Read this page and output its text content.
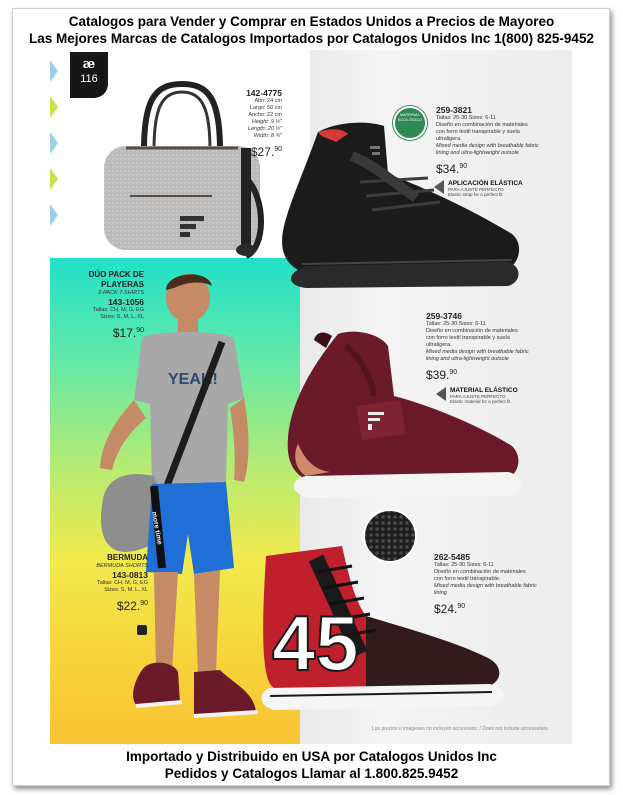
Catalogos para Vender y Comprar en Estados Unidos a Precios de Mayoreo
Las Mejores Marcas de Catalogos Importados por Catalogos Unidos Inc 1(800) 825-9452
æ
116
142-4775
Alto: 24 cm
Largo: 50 cm
Ancho: 22 cm
Height: 9 ½"
Length: 20 ½"
Width: 8 ¾"
$27.90
MATERIAL ECOLÓGICO
259-3821
Tallas: 25-30 Sizes: 6-11
Diseño en combinación de materiales
con forro textil transpirable y suela
ultraligera.
Mixed media design with breathable fabric
lining and ultra-lightweight outsole
$34.90
APLICACIÓN ELÁSTICA
PARA AJUSTE PERFECTO
Elastic strap for a perfect fit
YEAH!
more time
DÚO PACK DE
PLAYERAS
2-PACK T-SHIRTS
143-1056
Tallas: CH, M, G, EG
Sizes: S, M, L, XL
$17.90
259-3746
Tallas: 25-30 Sizes: 6-11
Diseño en combinación de materiales
con forro textil transpirable y suela
ultraligera.
Mixed media design with breathable fabric
lining and ultra-lightweight outsole
$39.90
MATERIAL ELÁSTICO
PARA AJUSTE PERFECTO
Elastic material for a perfect fit
BERMUDA
BERMUDA SHORTS
143-0813
Tallas: CH, M, G, EG
Sizes: S, M, L, XL
$22.90 45
262-5485
Tallas: 25-30 Sizes: 6-11
Diseño en combinación de materiales
con forro textil transpirable.
Mixed media design with breathable fabric
lining
$24.90
Los precios e imágenes no incluyen accesorios. / Does not include accessories.
Importado y Distribuido en USA por Catalogos Unidos Inc
Pedidos y Catalogos Llamar al 1.800.825.9452
